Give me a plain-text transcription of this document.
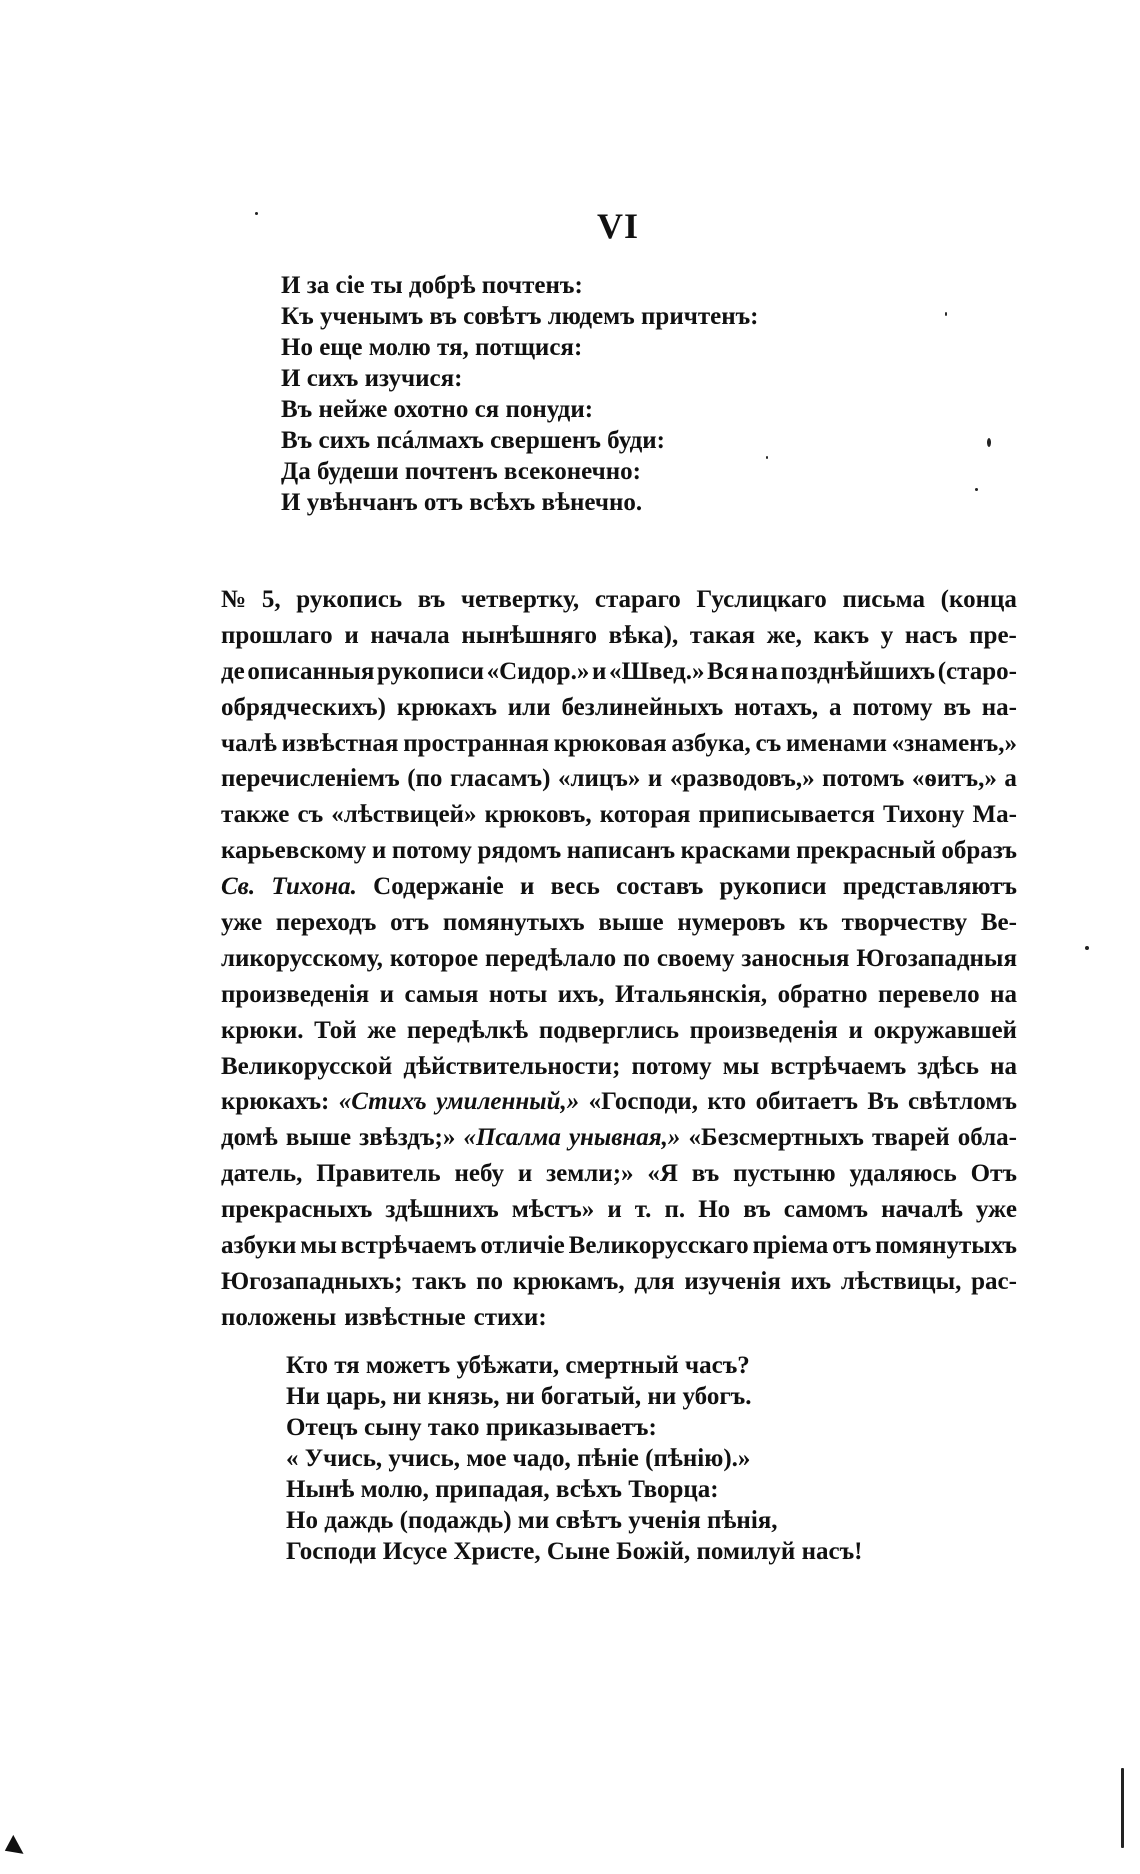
VI
И за сіе ты добрѣ почтенъ:
Къ ученымъ въ совѣтъ людемъ причтенъ:
Но еще молю тя, потщися:
И сихъ изучися:
Въ нейже охотно ся понуди:
Въ сихъ псáлмахъ свершенъ буди:
Да будеши почтенъ всеконечно:
И увѣнчанъ отъ всѣхъ вѣнечно.
№ 5, рукопись въ четвертку, стараго Гуслицкаго письма (конца
прошлаго и начала нынѣшняго вѣка), такая же, какъ у насъ пре-
де описанныя рукописи «Сидор.» и «Швед.» Вся на позднѣйшихъ (старо-
обрядческихъ) крюкахъ или безлинейныхъ нотахъ, а потому въ на-
чалѣ извѣстная пространная крюковая азбука, съ именами «знаменъ,»
перечисленіемъ (по гласамъ) «лицъ» и «разводовъ,» потомъ «ѳитъ,» а
также съ «лѣствицей» крюковъ, которая приписывается Тихону Ма-
карьевскому и потому рядомъ написанъ красками прекрасный образъ
Св. Тихона. Содержаніе и весь составъ рукописи представляютъ
уже переходъ отъ помянутыхъ выше нумеровъ къ творчеству Ве-
ликорусскому, которое передѣлало по своему заносныя Югозападныя
произведенія и самыя ноты ихъ, Итальянскія, обратно перевело на
крюки. Той же передѣлкѣ подверглись произведенія и окружавшей
Великорусской дѣйствительности; потому мы встрѣчаемъ здѣсь на
крюкахъ: «Стихъ умиленный,» «Господи, кто обитаетъ Въ свѣтломъ
домѣ выше звѣздъ;» «Псалма унывная,» «Безсмертныхъ тварей обла-
датель, Правитель небу и земли;» «Я въ пустыню удаляюсь Отъ
прекрасныхъ здѣшнихъ мѣстъ» и т. п. Но въ самомъ началѣ уже
азбуки мы встрѣчаемъ отличіе Великорусскаго пріема отъ помянутыхъ
Югозападныхъ; такъ по крюкамъ, для изученія ихъ лѣствицы, рас-
положены извѣстные стихи:
Кто тя можетъ убѣжати, смертный часъ?
Ни царь, ни князь, ни богатый, ни убогъ.
Отецъ сыну тако приказываетъ:
« Учись, учись, мое чадо, пѣніе (пѣнію).»
Нынѣ молю, припадая, всѣхъ Творца:
Но даждь (подаждь) ми свѣтъ ученія пѣнія,
Господи Исусе Христе, Сыне Божій, помилуй насъ!
